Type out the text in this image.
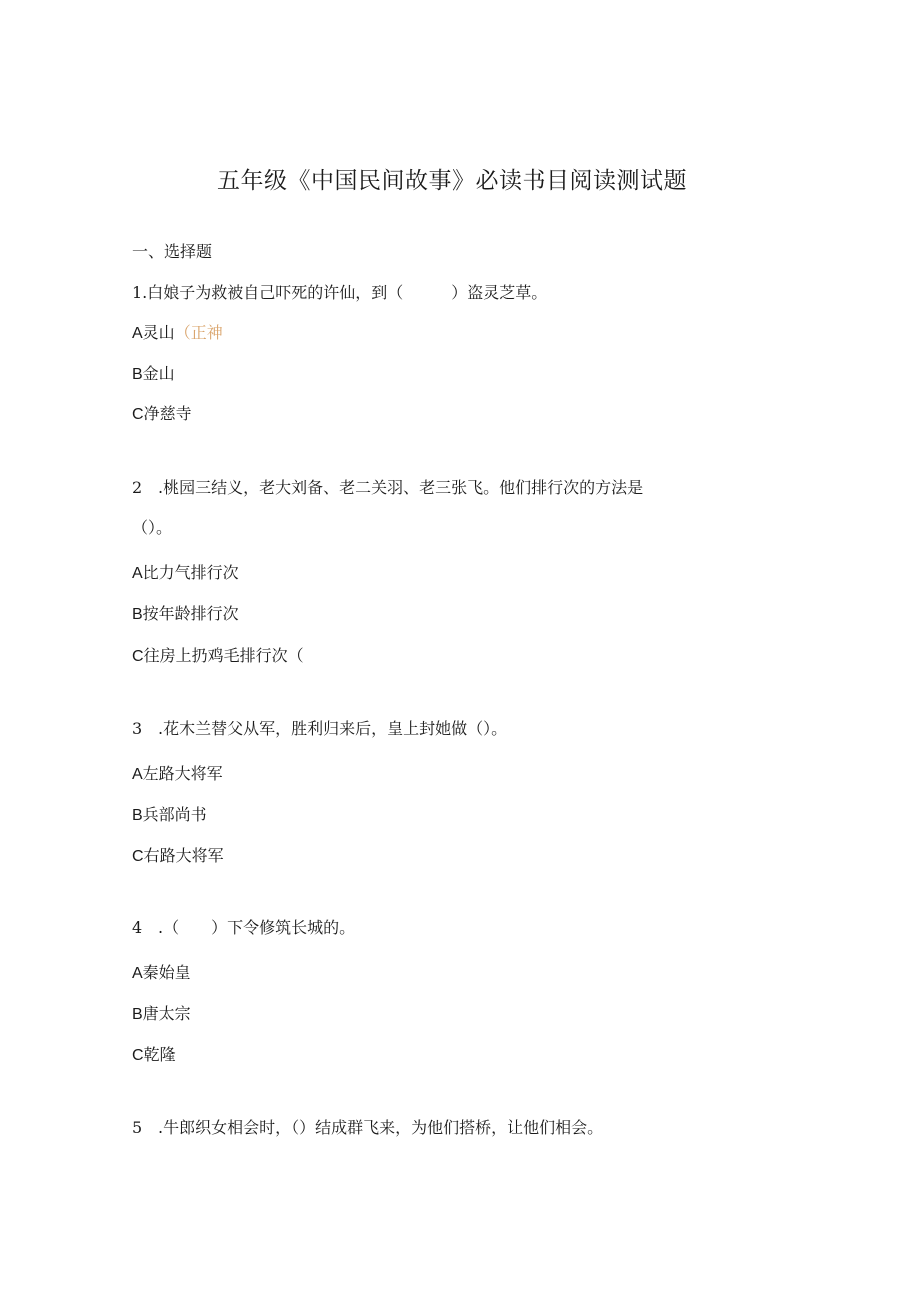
五年级《中国民间故事》必读书目阅读测试题
一、选择题
1.白娘子为救被自己吓死的许仙，到（　　　）盗灵芝草。
A灵山（正神
B金山
C净慈寺
2 .桃园三结义，老大刘备、老二关羽、老三张飞。他们排行次的方法是
（）。
A比力气排行次
B按年龄排行次
C往房上扔鸡毛排行次（
3 .花木兰替父从军，胜利归来后，皇上封她做（）。
A左路大将军
B兵部尚书
C右路大将军
4 .（　　）下令修筑长城的。
A秦始皇
B唐太宗
C乾隆
5 .牛郎织女相会时，（）结成群飞来，为他们搭桥，让他们相会。
